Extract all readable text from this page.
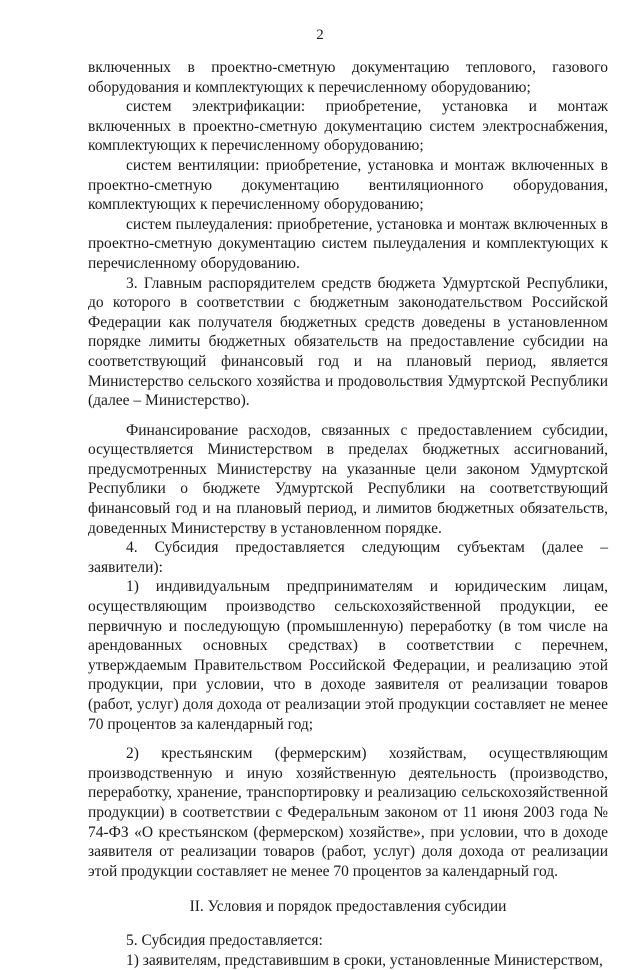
2

включенных в проектно-сметную документацию теплового, газового оборудования и комплектующих к перечисленному оборудованию;

систем электрификации: приобретение, установка и монтаж включенных в проектно-сметную документацию систем электроснабжения, комплектующих к перечисленному оборудованию;

систем вентиляции: приобретение, установка и монтаж включенных в проектно-сметную документацию вентиляционного оборудования, комплектующих к перечисленному оборудованию;

систем пылеудаления: приобретение, установка и монтаж включенных в проектно-сметную документацию систем пылеудаления и комплектующих к перечисленному оборудованию.

3. Главным распорядителем средств бюджета Удмуртской Республики, до которого в соответствии с бюджетным законодательством Российской Федерации как получателя бюджетных средств доведены в установленном порядке лимиты бюджетных обязательств на предоставление субсидии на соответствующий финансовый год и на плановый период, является Министерство сельского хозяйства и продовольствия Удмуртской Республики (далее – Министерство).

Финансирование расходов, связанных с предоставлением субсидии, осуществляется Министерством в пределах бюджетных ассигнований, предусмотренных Министерству на указанные цели законом Удмуртской Республики о бюджете Удмуртской Республики на соответствующий финансовый год и на плановый период, и лимитов бюджетных обязательств, доведенных Министерству в установленном порядке.

4. Субсидия предоставляется следующим субъектам (далее – заявители):

1) индивидуальным предпринимателям и юридическим лицам, осуществляющим производство сельскохозяйственной продукции, ее первичную и последующую (промышленную) переработку (в том числе на арендованных основных средствах) в соответствии с перечнем, утверждаемым Правительством Российской Федерации, и реализацию этой продукции, при условии, что в доходе заявителя от реализации товаров (работ, услуг) доля дохода от реализации этой продукции составляет не менее 70 процентов за календарный год;

2) крестьянским (фермерским) хозяйствам, осуществляющим производственную и иную хозяйственную деятельность (производство, переработку, хранение, транспортировку и реализацию сельскохозяйственной продукции) в соответствии с Федеральным законом от 11 июня 2003 года № 74-ФЗ «О крестьянском (фермерском) хозяйстве», при условии, что в доходе заявителя от реализации товаров (работ, услуг) доля дохода от реализации этой продукции составляет не менее 70 процентов за календарный год.

II. Условия и порядок предоставления субсидии

5. Субсидия предоставляется:

1) заявителям, представившим в сроки, установленные Министерством,
